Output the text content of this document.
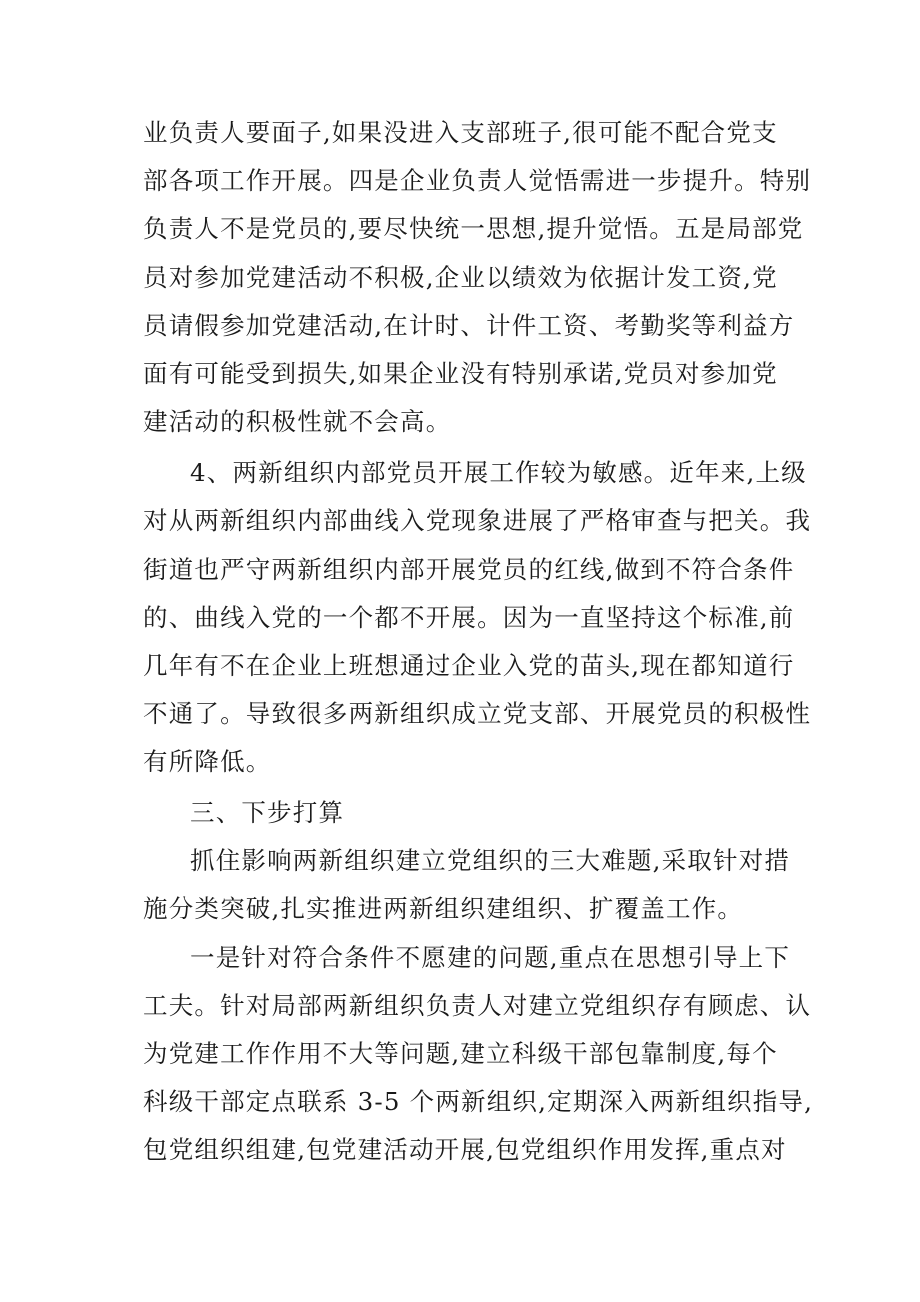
业负责人要面子,如果没进入支部班子,很可能不配合党支
部各项工作开展。四是企业负责人觉悟需进一步提升。特别
负责人不是党员的,要尽快统一思想,提升觉悟。五是局部党
员对参加党建活动不积极,企业以绩效为依据计发工资,党
员请假参加党建活动,在计时、计件工资、考勤奖等利益方
面有可能受到损失,如果企业没有特别承诺,党员对参加党
建活动的积极性就不会高。
4、两新组织内部党员开展工作较为敏感。近年来,上级
对从两新组织内部曲线入党现象进展了严格审查与把关。我
街道也严守两新组织内部开展党员的红线,做到不符合条件
的、曲线入党的一个都不开展。因为一直坚持这个标准,前
几年有不在企业上班想通过企业入党的苗头,现在都知道行
不通了。导致很多两新组织成立党支部、开展党员的积极性
有所降低。
三、下步打算
抓住影响两新组织建立党组织的三大难题,采取针对措
施分类突破,扎实推进两新组织建组织、扩覆盖工作。
一是针对符合条件不愿建的问题,重点在思想引导上下
工夫。针对局部两新组织负责人对建立党组织存有顾虑、认
为党建工作作用不大等问题,建立科级干部包靠制度,每个
科级干部定点联系 3-5 个两新组织,定期深入两新组织指导,
包党组织组建,包党建活动开展,包党组织作用发挥,重点对
